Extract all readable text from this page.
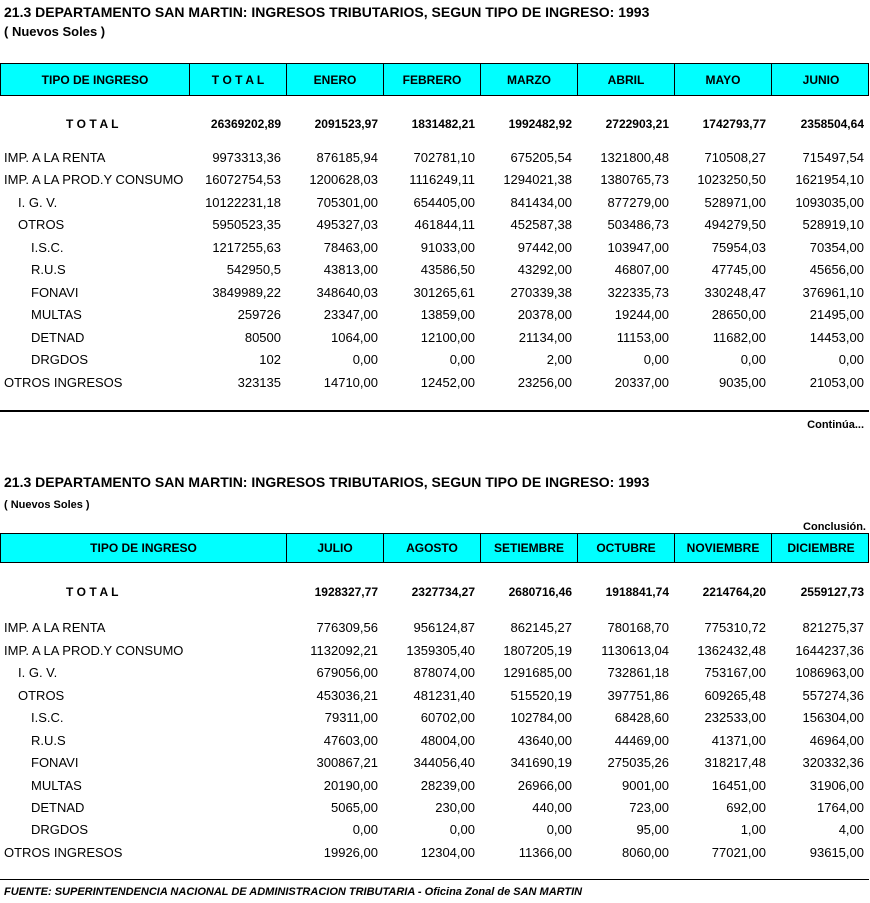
21.3 DEPARTAMENTO SAN MARTIN: INGRESOS TRIBUTARIOS, SEGUN TIPO DE INGRESO: 1993
( Nuevos Soles )
TIPO DE INGRESO	T O T A L	ENERO	FEBRERO	MARZO	ABRIL	MAYO	JUNIO
T O T A L	26369202,89	2091523,97	1831482,21	1992482,92	2722903,21	1742793,77	2358504,64
IMP. A LA RENTA	9973313,36	876185,94	702781,10	675205,54	1321800,48	710508,27	715497,54
IMP. A LA PROD.Y CONSUMO	16072754,53	1200628,03	1116249,11	1294021,38	1380765,73	1023250,50	1621954,10
I. G. V.	10122231,18	705301,00	654405,00	841434,00	877279,00	528971,00	1093035,00
OTROS	5950523,35	495327,03	461844,11	452587,38	503486,73	494279,50	528919,10
I.S.C.	1217255,63	78463,00	91033,00	97442,00	103947,00	75954,03	70354,00
R.U.S	542950,5	43813,00	43586,50	43292,00	46807,00	47745,00	45656,00
FONAVI	3849989,22	348640,03	301265,61	270339,38	322335,73	330248,47	376961,10
MULTAS	259726	23347,00	13859,00	20378,00	19244,00	28650,00	21495,00
DETNAD	80500	1064,00	12100,00	21134,00	11153,00	11682,00	14453,00
DRGDOS	102	0,00	0,00	2,00	0,00	0,00	0,00
OTROS INGRESOS	323135	14710,00	12452,00	23256,00	20337,00	9035,00	21053,00
Continúa...
21.3 DEPARTAMENTO SAN MARTIN: INGRESOS TRIBUTARIOS, SEGUN TIPO DE INGRESO: 1993
( Nuevos Soles )
Conclusión.
TIPO DE INGRESO	JULIO	AGOSTO	SETIEMBRE	OCTUBRE	NOVIEMBRE	DICIEMBRE
T O T A L	1928327,77	2327734,27	2680716,46	1918841,74	2214764,20	2559127,73
IMP. A LA RENTA	776309,56	956124,87	862145,27	780168,70	775310,72	821275,37
IMP. A LA PROD.Y CONSUMO	1132092,21	1359305,40	1807205,19	1130613,04	1362432,48	1644237,36
I. G. V.	679056,00	878074,00	1291685,00	732861,18	753167,00	1086963,00
OTROS	453036,21	481231,40	515520,19	397751,86	609265,48	557274,36
I.S.C.	79311,00	60702,00	102784,00	68428,60	232533,00	156304,00
R.U.S	47603,00	48004,00	43640,00	44469,00	41371,00	46964,00
FONAVI	300867,21	344056,40	341690,19	275035,26	318217,48	320332,36
MULTAS	20190,00	28239,00	26966,00	9001,00	16451,00	31906,00
DETNAD	5065,00	230,00	440,00	723,00	692,00	1764,00
DRGDOS	0,00	0,00	0,00	95,00	1,00	4,00
OTROS INGRESOS	19926,00	12304,00	11366,00	8060,00	77021,00	93615,00
FUENTE: SUPERINTENDENCIA NACIONAL DE ADMINISTRACION TRIBUTARIA - Oficina Zonal de SAN MARTIN
